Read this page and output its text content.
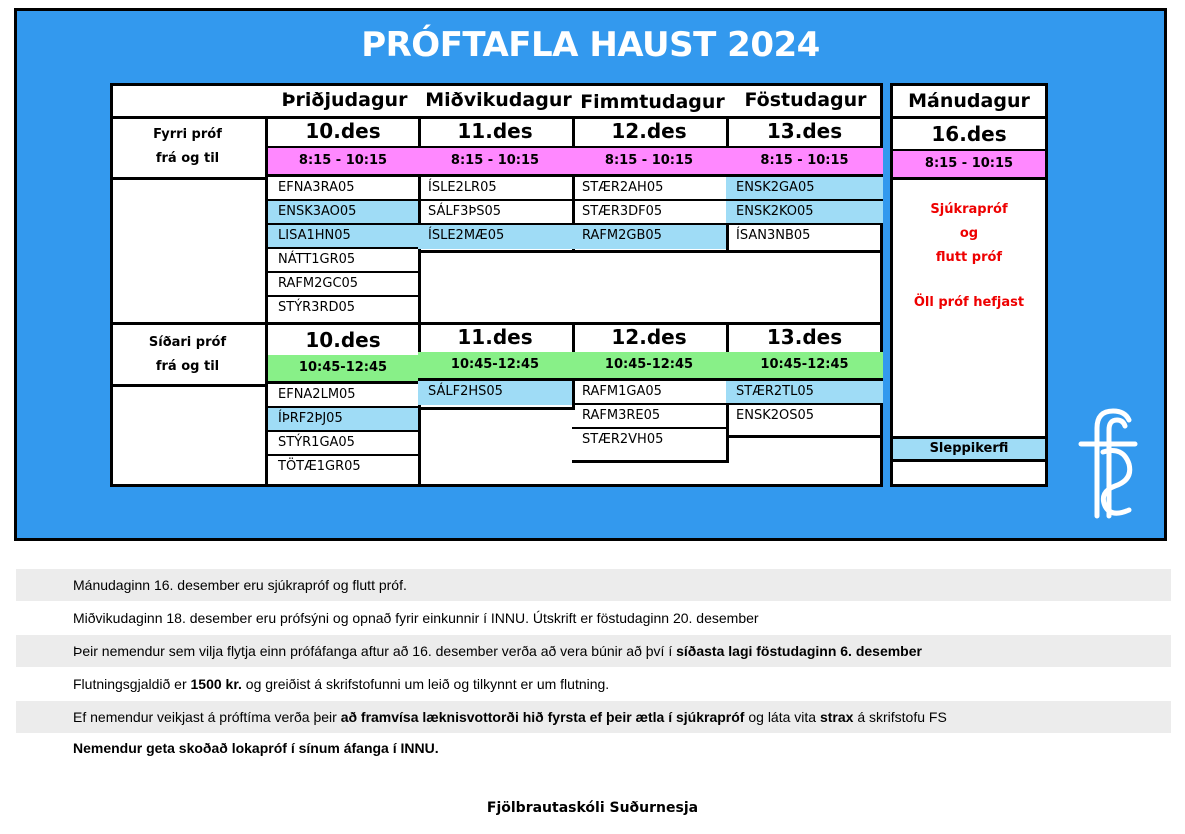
PRÓFTAFLA HAUST 2024
Þriðjudagur Miðvikudagur Fimmtudagur	Föstudagur
Fyrri próf
frá og til
Síðari próf
frá og til
10.des
8:15 - 10:15
EFNA3RA05
ENSK3AO05
LISA1HN05
NÁTT1GR05
RAFM2GC05
STÝR3RD05
11.des
8:15 - 10:15
ÍSLE2LR05
SÁLF3ÞS05
ÍSLE2MÆ05
12.des
8:15 - 10:15
STÆR2AH05
STÆR3DF05
RAFM2GB05
13.des
8:15 - 10:15
ENSK2GA05
ENSK2KO05
ÍSAN3NB05
10.des
10:45-12:45
EFNA2LM05
ÍÞRF2ÞJ05
STÝR1GA05
TÖTÆ1GR05
11.des
10:45-12:45
SÁLF2HS05
12.des
10:45-12:45
RAFM1GA05
RAFM3RE05
STÆR2VH05
13.des
10:45-12:45
STÆR2TL05
ENSK2OS05
Mánudagur
16.des
8:15 - 10:15
Sjúkrapróf
og
flutt próf
Öll próf hefjast
Sleppikerfi
Mánudaginn 16. desember eru sjúkrapróf og flutt próf.
Miðvikudaginn 18. desember eru prófsýni og opnað fyrir einkunnir í INNU. Útskrift er föstudaginn 20. desember
Þeir nemendur sem vilja flytja einn prófáfanga aftur að 16. desember verða að vera búnir að því í síðasta lagi föstudaginn 6. desember
Flutningsgjaldið er 1500 kr. og greiðist á skrifstofunni um leið og tilkynnt er um flutning.
Ef nemendur veikjast á próftíma verða þeir að framvísa læknisvottorði hið fyrsta ef þeir ætla í sjúkrapróf og láta vita strax á skrifstofu FS
Nemendur geta skoðað lokapróf í sínum áfanga í INNU.
Fjölbrautaskóli Suðurnesja
